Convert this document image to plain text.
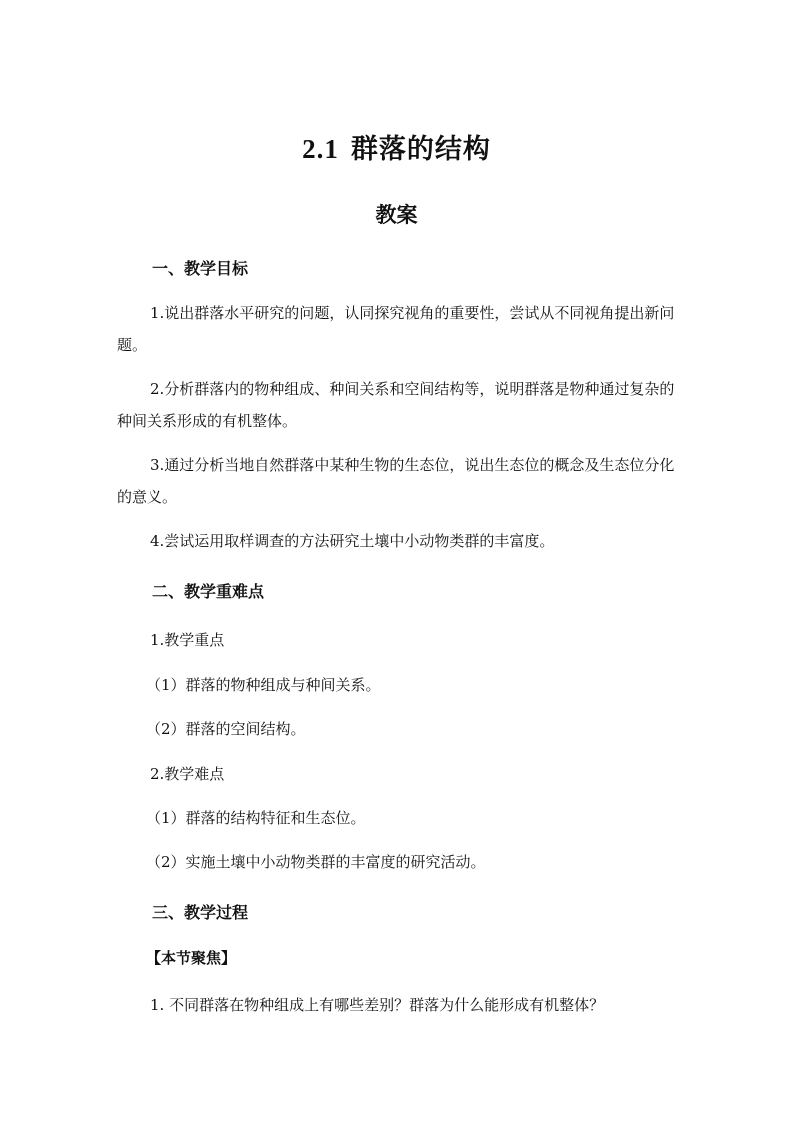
2.1 群落的结构
教案
一、教学目标

1.说出群落水平研究的问题，认同探究视角的重要性，尝试从不同视角提出新问题。

2.分析群落内的物种组成、种间关系和空间结构等，说明群落是物种通过复杂的种间关系形成的有机整体。

3.通过分析当地自然群落中某种生物的生态位，说出生态位的概念及生态位分化的意义。

4.尝试运用取样调查的方法研究土壤中小动物类群的丰富度。

二、教学重难点
1.教学重点
（1）群落的物种组成与种间关系。
（2）群落的空间结构。
2.教学难点
（1）群落的结构特征和生态位。
（2）实施土壤中小动物类群的丰富度的研究活动。
三、教学过程
【本节聚焦】
1. 不同群落在物种组成上有哪些差别？群落为什么能形成有机整体？
